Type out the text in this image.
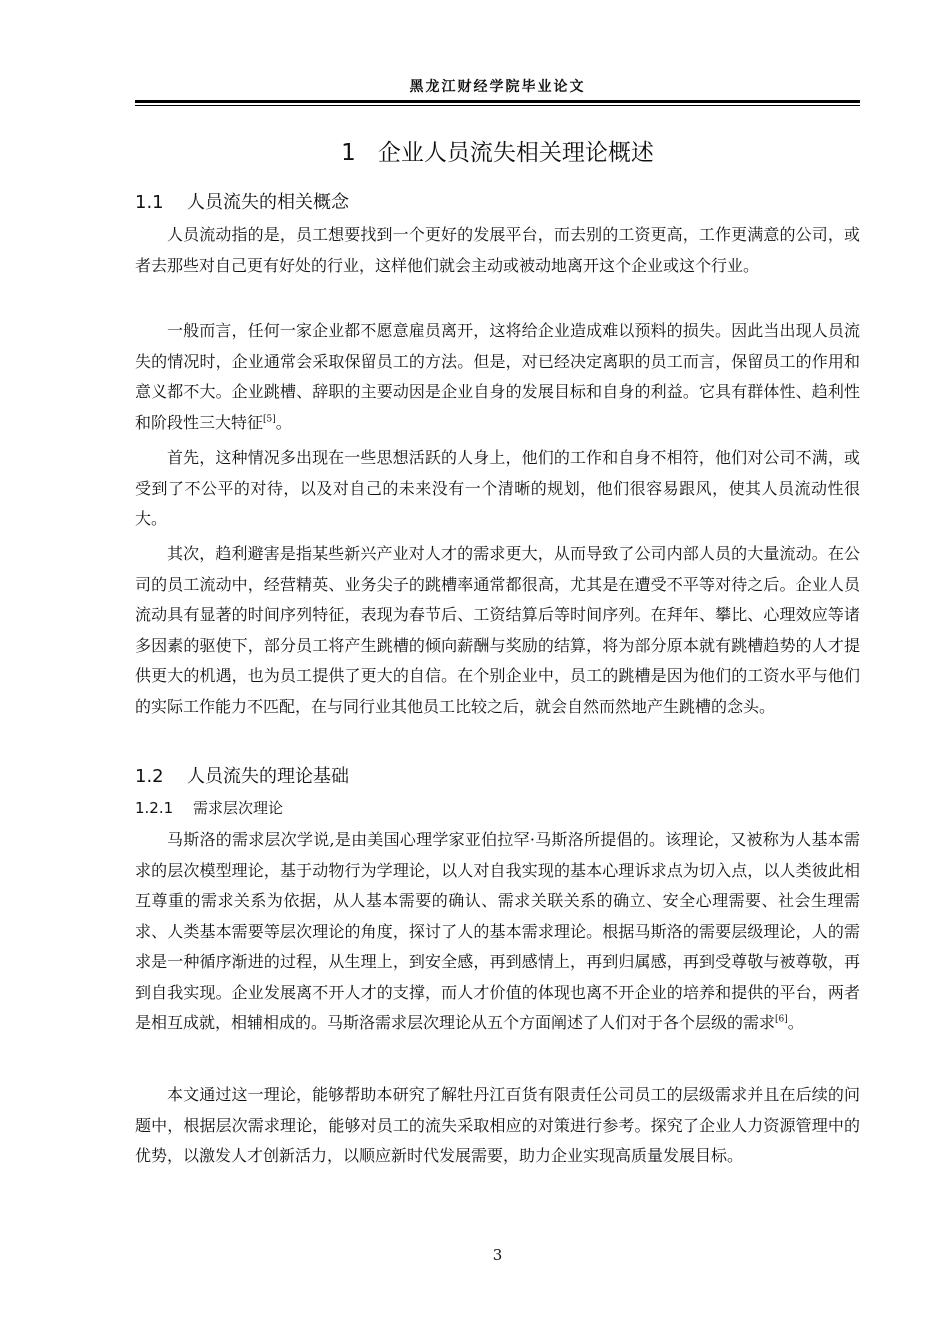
黑龙江财经学院毕业论文
1 企业人员流失相关理论概述
1.1 人员流失的相关概念

人员流动指的是，员工想要找到一个更好的发展平台，而去别的工资更高，工作更满意的公司，或者去那些对自己更有好处的行业，这样他们就会主动或被动地离开这个企业或这个行业。

一般而言，任何一家企业都不愿意雇员离开，这将给企业造成难以预料的损失。因此当出现人员流失的情况时，企业通常会采取保留员工的方法。但是，对已经决定离职的员工而言，保留员工的作用和意义都不大。企业跳槽、辞职的主要动因是企业自身的发展目标和自身的利益。它具有群体性、趋利性和阶段性三大特征[5]。

首先，这种情况多出现在一些思想活跃的人身上，他们的工作和自身不相符，他们对公司不满，或受到了不公平的对待，以及对自己的未来没有一个清晰的规划，他们很容易跟风，使其人员流动性很大。

其次，趋利避害是指某些新兴产业对人才的需求更大，从而导致了公司内部人员的大量流动。在公司的员工流动中，经营精英、业务尖子的跳槽率通常都很高，尤其是在遭受不平等对待之后。企业人员流动具有显著的时间序列特征，表现为春节后、工资结算后等时间序列。在拜年、攀比、心理效应等诸多因素的驱使下，部分员工将产生跳槽的倾向薪酬与奖励的结算，将为部分原本就有跳槽趋势的人才提供更大的机遇，也为员工提供了更大的自信。在个别企业中，员工的跳槽是因为他们的工资水平与他们的实际工作能力不匹配，在与同行业其他员工比较之后，就会自然而然地产生跳槽的念头。

1.2 人员流失的理论基础
1.2.1 需求层次理论

马斯洛的需求层次学说,是由美国心理学家亚伯拉罕·马斯洛所提倡的。该理论，又被称为人基本需求的层次模型理论，基于动物行为学理论，以人对自我实现的基本心理诉求点为切入点，以人类彼此相互尊重的需求关系为依据，从人基本需要的确认、需求关联关系的确立、安全心理需要、社会生理需求、人类基本需要等层次理论的角度，探讨了人的基本需求理论。根据马斯洛的需要层级理论，人的需求是一种循序渐进的过程，从生理上，到安全感，再到感情上，再到归属感，再到受尊敬与被尊敬，再到自我实现。企业发展离不开人才的支撑，而人才价值的体现也离不开企业的培养和提供的平台，两者是相互成就，相辅相成的。马斯洛需求层次理论从五个方面阐述了人们对于各个层级的需求[6]。

本文通过这一理论，能够帮助本研究了解牡丹江百货有限责任公司员工的层级需求并且在后续的问题中，根据层次需求理论，能够对员工的流失采取相应的对策进行参考。探究了企业人力资源管理中的优势，以激发人才创新活力，以顺应新时代发展需要，助力企业实现高质量发展目标。

3
